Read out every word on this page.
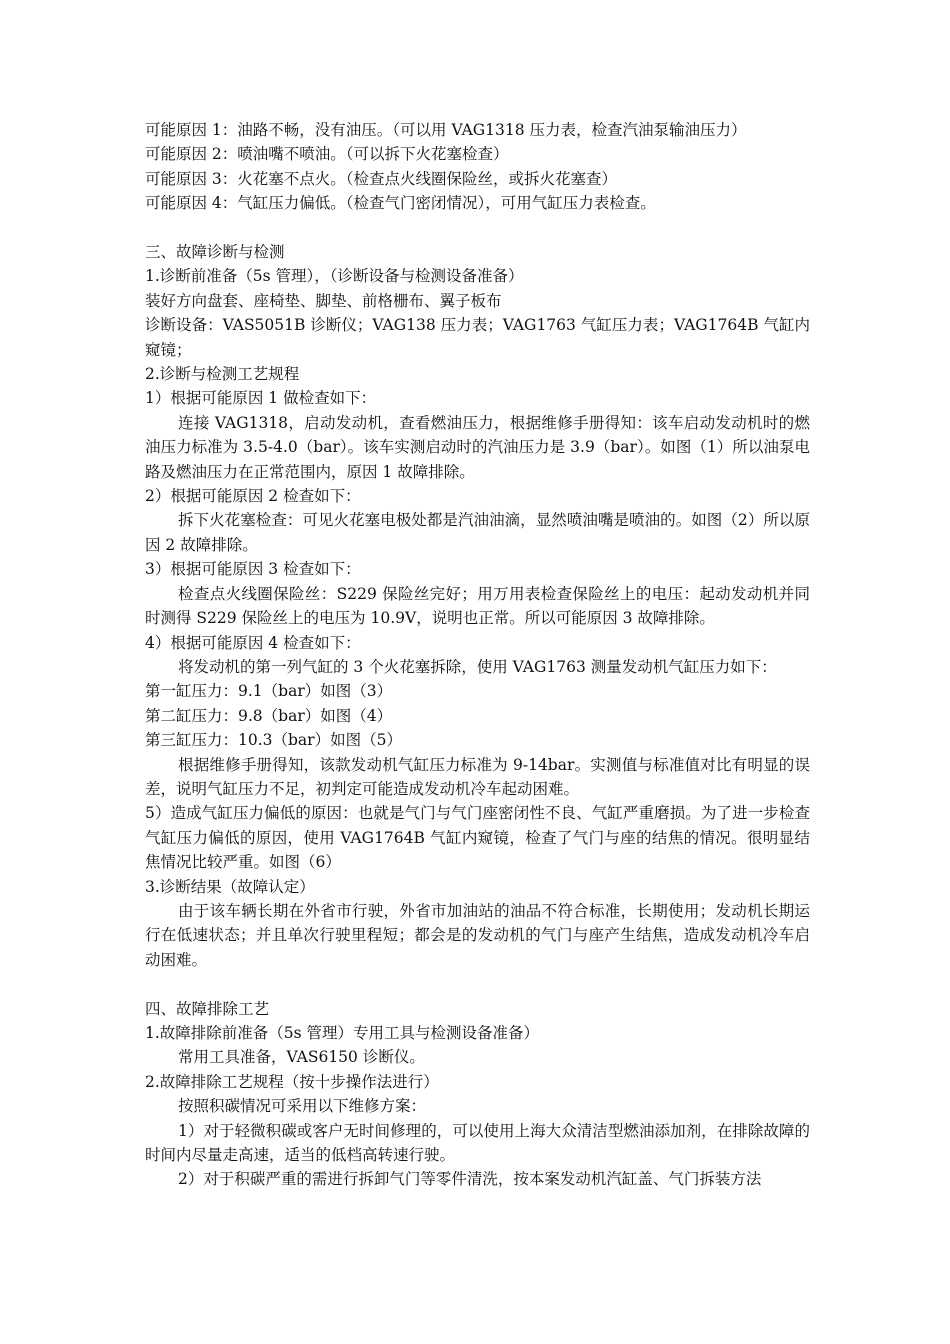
可能原因 1：油路不畅，没有油压。（可以用 VAG1318 压力表，检查汽油泵输油压力）

可能原因 2：喷油嘴不喷油。（可以拆下火花塞检查）

可能原因 3：火花塞不点火。（检查点火线圈保险丝，或拆火花塞查）

可能原因 4：气缸压力偏低。（检查气门密闭情况），可用气缸压力表检查。

三、故障诊断与检测

1.诊断前准备（5s 管理），（诊断设备与检测设备准备）

装好方向盘套、座椅垫、脚垫、前格栅布、翼子板布

诊断设备：VAS5051B 诊断仪；VAG138 压力表；VAG1763 气缸压力表；VAG1764B 气缸内窥镜；

2.诊断与检测工艺规程

1）根据可能原因 1 做检查如下：

连接 VAG1318，启动发动机，查看燃油压力，根据维修手册得知：该车启动发动机时的燃油压力标准为 3.5-4.0（bar）。该车实测启动时的汽油压力是 3.9（bar）。如图（1）所以油泵电路及燃油压力在正常范围内，原因 1 故障排除。

2）根据可能原因 2 检查如下：

拆下火花塞检查：可见火花塞电极处都是汽油油滴，显然喷油嘴是喷油的。如图（2）所以原因 2 故障排除。

3）根据可能原因 3 检查如下：

检查点火线圈保险丝：S229 保险丝完好；用万用表检查保险丝上的电压：起动发动机并同时测得 S229 保险丝上的电压为 10.9V，说明也正常。所以可能原因 3 故障排除。

4）根据可能原因 4 检查如下：

将发动机的第一列气缸的 3 个火花塞拆除，使用 VAG1763 测量发动机气缸压力如下：

第一缸压力：9.1（bar）如图（3）

第二缸压力：9.8（bar）如图（4）

第三缸压力：10.3（bar）如图（5）

根据维修手册得知，该款发动机气缸压力标准为 9-14bar。实测值与标准值对比有明显的误差，说明气缸压力不足，初判定可能造成发动机冷车起动困难。

5）造成气缸压力偏低的原因：也就是气门与气门座密闭性不良、气缸严重磨损。为了进一步检查气缸压力偏低的原因，使用 VAG1764B 气缸内窥镜，检查了气门与座的结焦的情况。很明显结焦情况比较严重。如图（6）

3.诊断结果（故障认定）

由于该车辆长期在外省市行驶，外省市加油站的油品不符合标准，长期使用；发动机长期运行在低速状态；并且单次行驶里程短；都会是的发动机的气门与座产生结焦，造成发动机冷车启动困难。

四、故障排除工艺

1.故障排除前准备（5s 管理）专用工具与检测设备准备）

常用工具准备，VAS6150 诊断仪。

2.故障排除工艺规程（按十步操作法进行）

按照积碳情况可采用以下维修方案：

1）对于轻微积碳或客户无时间修理的，可以使用上海大众清洁型燃油添加剂，在排除故障的时间内尽量走高速，适当的低档高转速行驶。

2）对于积碳严重的需进行拆卸气门等零件清洗，按本案发动机汽缸盖、气门拆装方法
